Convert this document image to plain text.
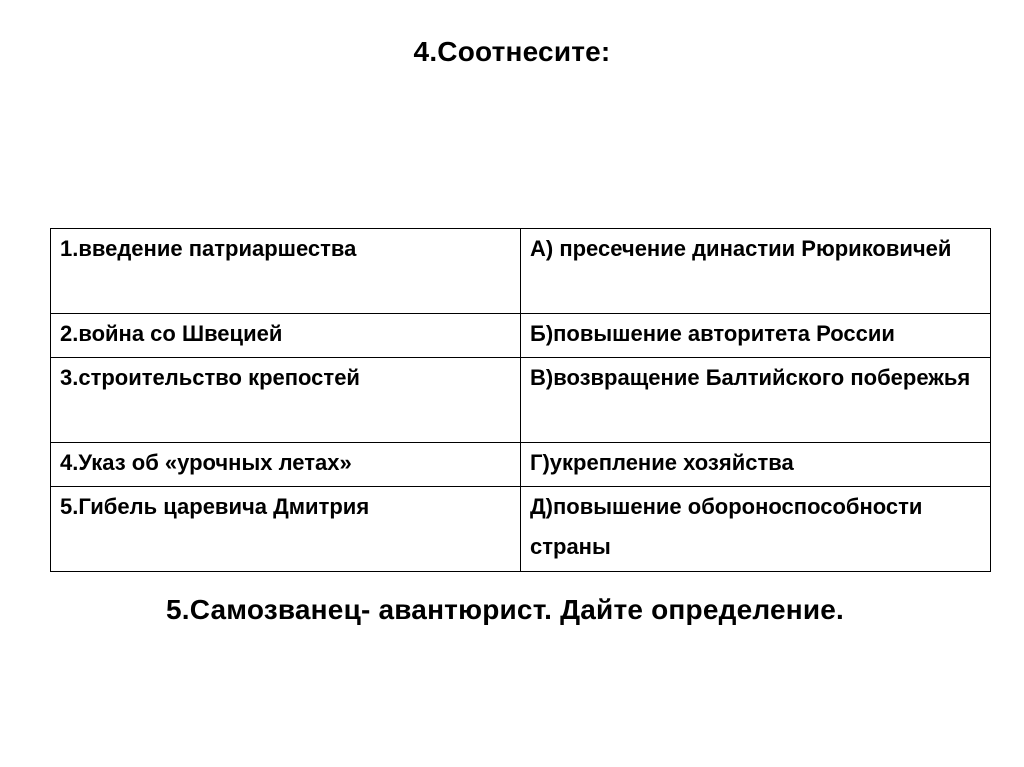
4.Соотнесите:
1.введение патриаршества	А) пресечение династии Рюриковичей
2.война со Швецией	Б)повышение авторитета России
3.строительство крепостей	В)возвращение Балтийского побережья
4.Указ об «урочных летах»	Г)укрепление хозяйства
5.Гибель царевича Дмитрия	Д)повышение обороноспособности страны
5.Самозванец- авантюрист. Дайте определение.
